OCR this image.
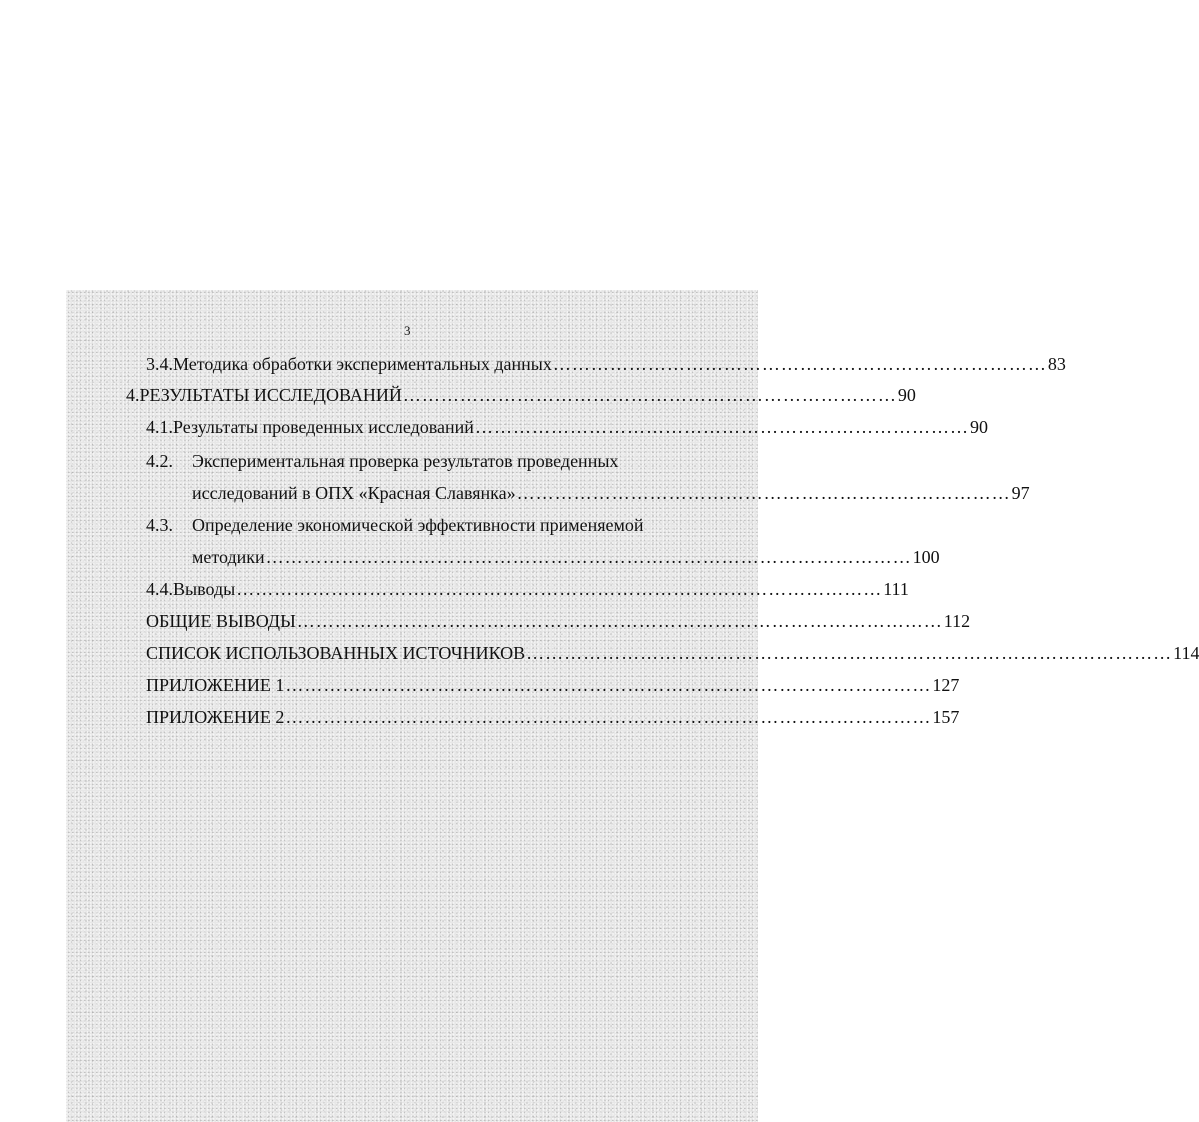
3
3.4. Методика обработки экспериментальных данных …………………………………………………………………… 83
4. РЕЗУЛЬТАТЫ ИССЛЕДОВАНИЙ …………………………………………………………………… 90
4.1. Результаты проведенных исследований …………………………………………………………………… 90
4.2.	Экспериментальная проверка результатов проведенных
исследований в ОПХ «Красная Славянка» …………………………………………………………………… 97
4.3.	Определение экономической эффективности применяемой
методики ………………………………………………………………………………………… 100
4.4. Выводы ………………………………………………………………………………………… 111
ОБЩИЕ ВЫВОДЫ ………………………………………………………………………………………… 112
СПИСОК ИСПОЛЬЗОВАННЫХ ИСТОЧНИКОВ ………………………………………………………………………………………… 114
ПРИЛОЖЕНИЕ 1 ………………………………………………………………………………………… 127
ПРИЛОЖЕНИЕ 2 ………………………………………………………………………………………… 157
